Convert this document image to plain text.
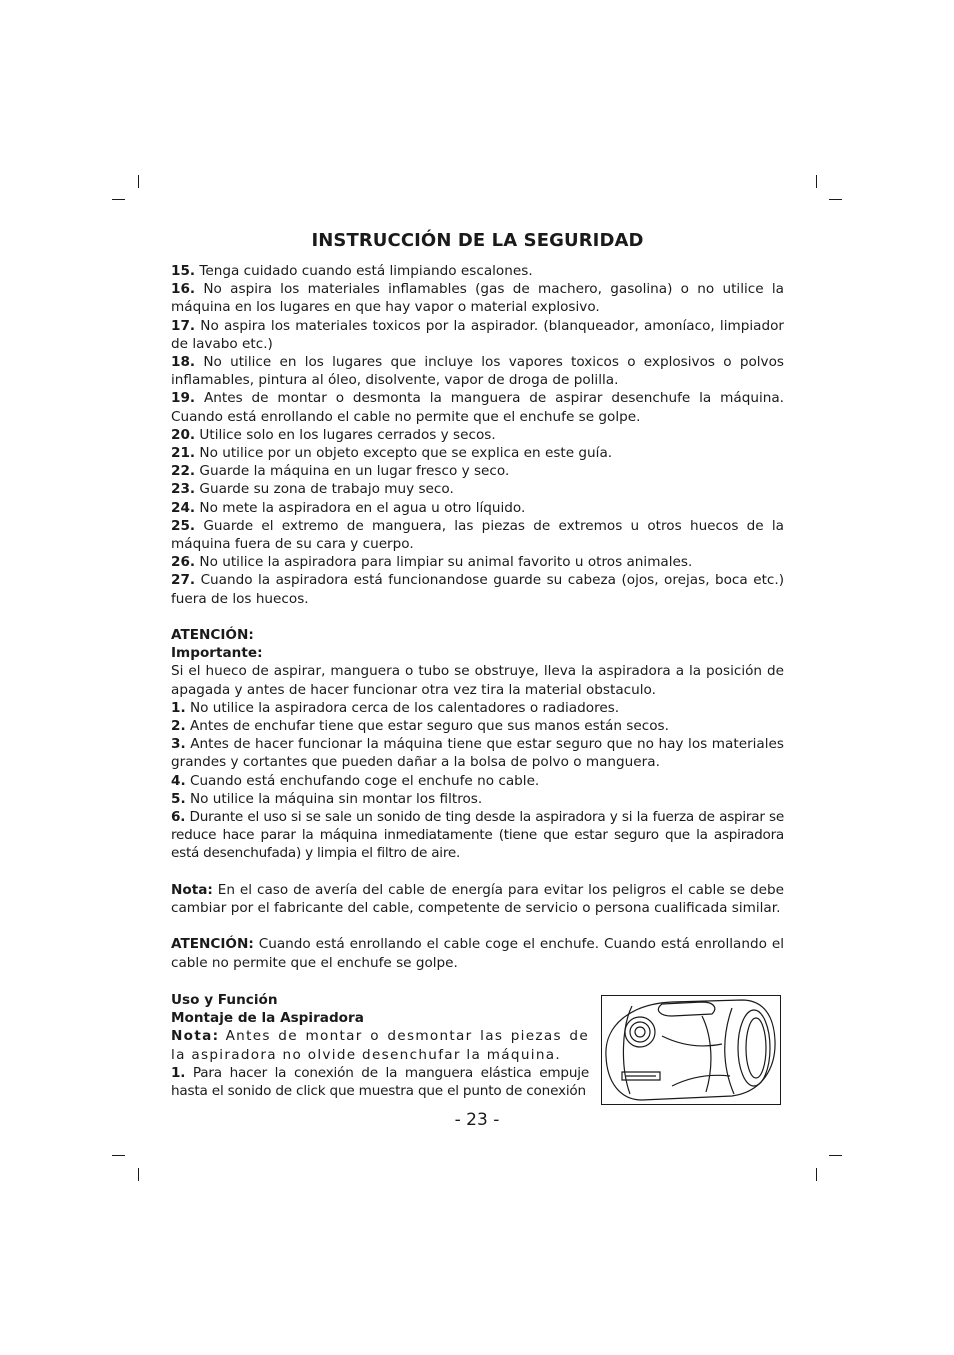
INSTRUCCIÓN DE LA SEGURIDAD

15. Tenga cuidado cuando está limpiando escalones.

16. No aspira los materiales inflamables (gas de machero, gasolina) o no utilice la máquina en los lugares en que hay vapor o material explosivo.

17. No aspira los materiales toxicos por la aspirador. (blanqueador, amoníaco, limpiador de lavabo etc.)

18. No utilice en los lugares que incluye los vapores toxicos o explosivos o polvos inflamables, pintura al óleo, disolvente, vapor de droga de polilla.

19. Antes de montar o desmonta la manguera de aspirar desenchufe la máquina. Cuando está enrollando el cable no permite que el enchufe se golpe.

20. Utilice solo en los lugares cerrados y secos.

21. No utilice por un objeto excepto que se explica en este guía.

22. Guarde la máquina en un lugar fresco y seco.

23. Guarde su zona de trabajo muy seco.

24. No mete la aspiradora en el agua u otro líquido.

25. Guarde el extremo de manguera, las piezas de extremos u otros huecos de la máquina fuera de su cara y cuerpo.

26. No utilice la aspiradora para limpiar su animal favorito u otros animales.

27. Cuando la aspiradora está funcionandose guarde su cabeza (ojos, orejas, boca etc.) fuera de los huecos.

ATENCIÓN:

Importante:

Si el hueco de aspirar, manguera o tubo se obstruye, lleva la aspiradora a la posición de apagada y antes de hacer funcionar otra vez tira la material obstaculo.

1. No utilice la aspiradora cerca de los calentadores o radiadores.

2. Antes de enchufar tiene que estar seguro que sus manos están secos.

3. Antes de hacer funcionar la máquina tiene que estar seguro que no hay los materiales grandes y cortantes que pueden dañar a la bolsa de polvo o manguera.

4. Cuando está enchufando coge el enchufe no cable.

5. No utilice la máquina sin montar los filtros.

6. Durante el uso si se sale un sonido de ting desde la aspiradora y si la fuerza de aspirar se reduce hace parar la máquina inmediatamente (tiene que estar seguro que la aspiradora está desenchufada) y limpia el filtro de aire.

Nota: En el caso de avería del cable de energía para evitar los peligros el cable se debe cambiar por el fabricante del cable, competente de servicio o persona cualificada similar.

ATENCIÓN: Cuando está enrollando el cable coge el enchufe. Cuando está enrollando el cable no permite que el enchufe se golpe.

Uso y Función

Montaje de la Aspiradora

Nota: Antes de montar o desmontar las piezas de la aspiradora no olvide desenchufar la máquina.

1. Para hacer la conexión de la manguera elástica empuje hasta el sonido de click que muestra que el punto de conexión

- 23 -
